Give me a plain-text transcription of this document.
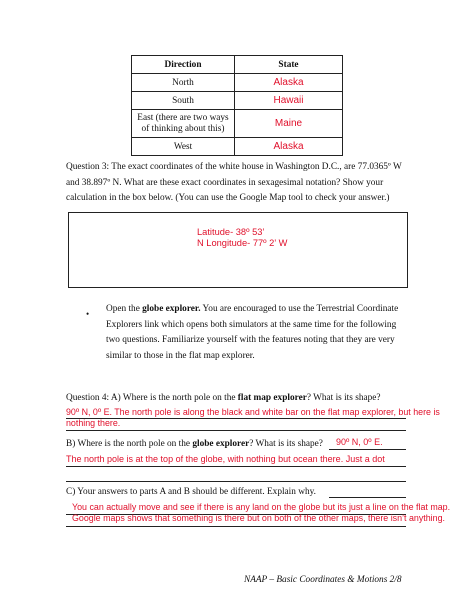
Direction	State
North	Alaska
South	Hawaii
East (there are two ways of thinking about this)	Maine
West	Alaska
Question 3: The exact coordinates of the white house in Washington D.C., are 77.0365º W and 38.897º N. What are these exact coordinates in sexagesimal notation? Show your calculation in the box below. (You can use the Google Map tool to check your answer.)
Latitude- 38º 53’
N Longitude- 77º 2’ W
• Open the globe explorer. You are encouraged to use the Terrestrial Coordinate Explorers link which opens both simulators at the same time for the following two questions. Familiarize yourself with the features noting that they are very similar to those in the flat map explorer.
Question 4: A) Where is the north pole on the flat map explorer? What is its shape?
90º N, 0º E. The north pole is along the black and white bar on the flat map explorer, but here is nothing there.
B) Where is the north pole on the globe explorer? What is its shape? 90º N, 0º E.
The north pole is at the top of the globe, with nothing but ocean there. Just a dot
C) Your answers to parts A and B should be different. Explain why.
You can actually move and see if there is any land on the globe but its just a line on the flat map. Google maps shows that something is there but on both of the other maps, there isn’t anything.
NAAP – Basic Coordinates & Motions 2/8
